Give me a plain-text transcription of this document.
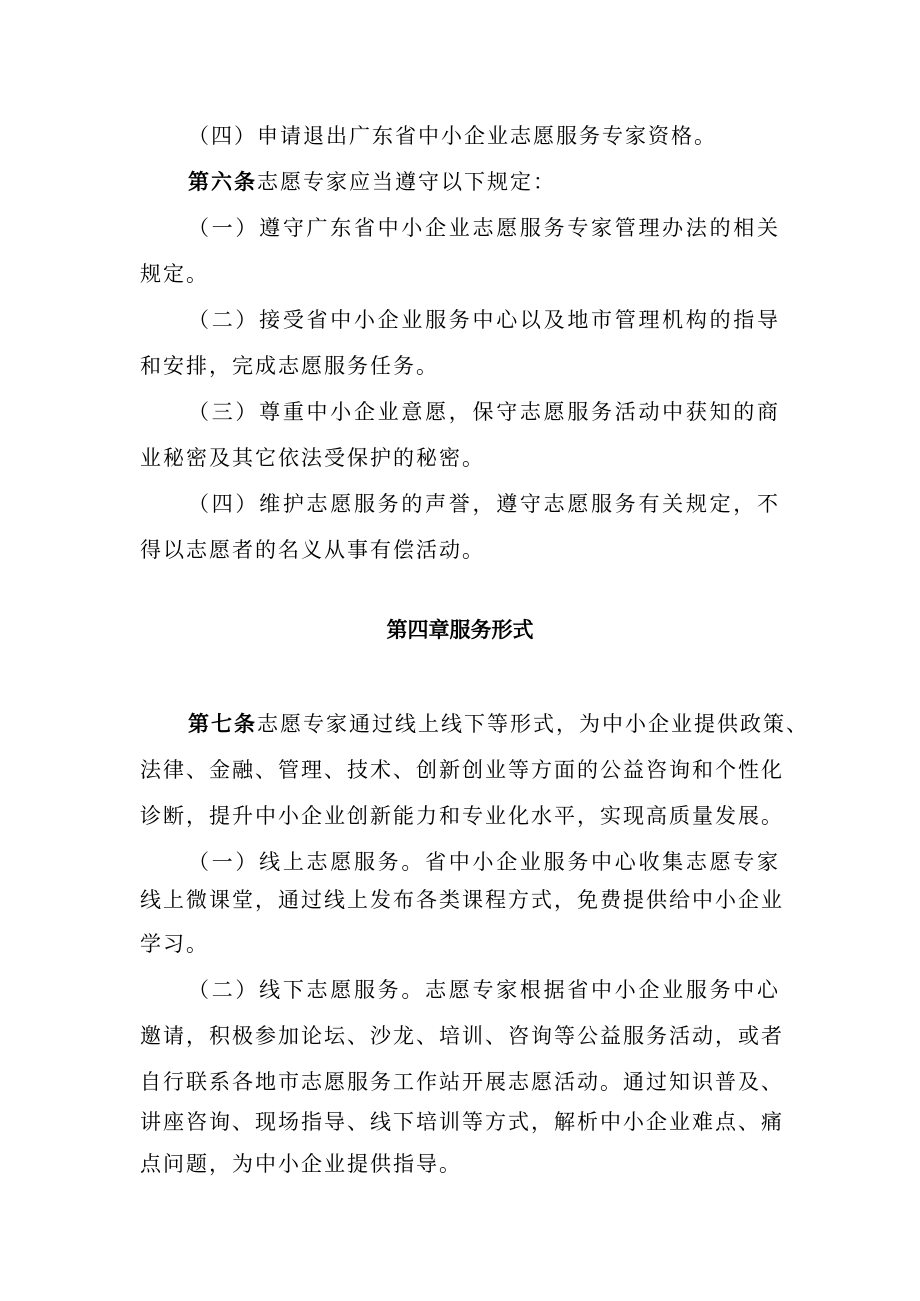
（四）申请退出广东省中小企业志愿服务专家资格。
第六条志愿专家应当遵守以下规定：
（一）遵守广东省中小企业志愿服务专家管理办法的相关
规定。
（二）接受省中小企业服务中心以及地市管理机构的指导
和安排，完成志愿服务任务。
（三）尊重中小企业意愿，保守志愿服务活动中获知的商
业秘密及其它依法受保护的秘密。
（四）维护志愿服务的声誉，遵守志愿服务有关规定，不
得以志愿者的名义从事有偿活动。
第四章服务形式
第七条志愿专家通过线上线下等形式，为中小企业提供政策、
法律、金融、管理、技术、创新创业等方面的公益咨询和个性化
诊断，提升中小企业创新能力和专业化水平，实现高质量发展。
（一）线上志愿服务。省中小企业服务中心收集志愿专家
线上微课堂，通过线上发布各类课程方式，免费提供给中小企业
学习。
（二）线下志愿服务。志愿专家根据省中小企业服务中心
邀请，积极参加论坛、沙龙、培训、咨询等公益服务活动，或者
自行联系各地市志愿服务工作站开展志愿活动。通过知识普及、
讲座咨询、现场指导、线下培训等方式，解析中小企业难点、痛
点问题，为中小企业提供指导。
